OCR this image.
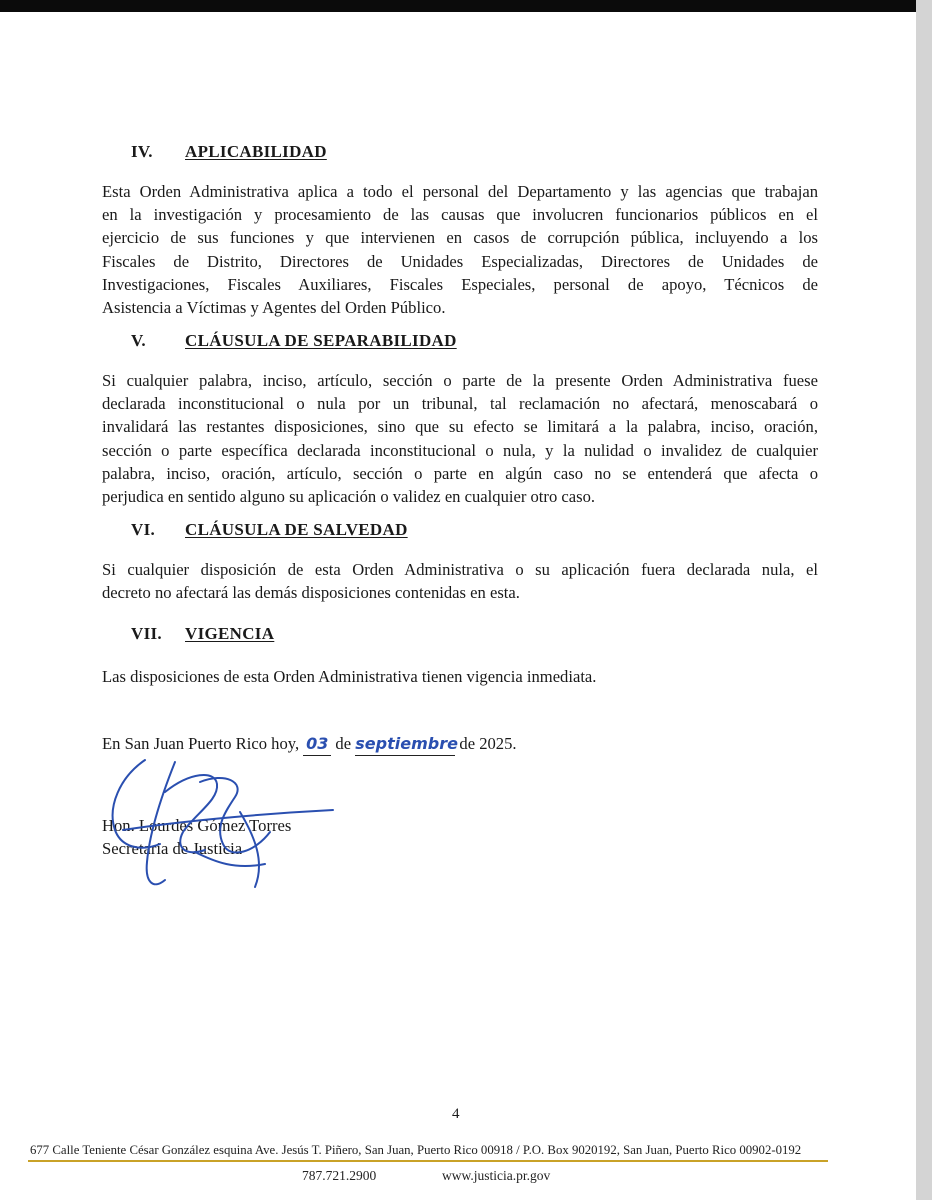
IV. APLICABILIDAD
Esta Orden Administrativa aplica a todo el personal del Departamento y las agencias que trabajan
en la investigación y procesamiento de las causas que involucren funcionarios públicos en el
ejercicio de sus funciones y que intervienen en casos de corrupción pública, incluyendo a los
Fiscales de Distrito, Directores de Unidades Especializadas, Directores de Unidades de
Investigaciones, Fiscales Auxiliares, Fiscales Especiales, personal de apoyo, Técnicos de
Asistencia a Víctimas y Agentes del Orden Público.
V. CLÁUSULA DE SEPARABILIDAD
Si cualquier palabra, inciso, artículo, sección o parte de la presente Orden Administrativa fuese
declarada inconstitucional o nula por un tribunal, tal reclamación no afectará, menoscabará o
invalidará las restantes disposiciones, sino que su efecto se limitará a la palabra, inciso, oración,
sección o parte específica declarada inconstitucional o nula, y la nulidad o invalidez de cualquier
palabra, inciso, oración, artículo, sección o parte en algún caso no se entenderá que afecta o
perjudica en sentido alguno su aplicación o validez en cualquier otro caso.
VI. CLÁUSULA DE SALVEDAD
Si cualquier disposición de esta Orden Administrativa o su aplicación fuera declarada nula, el
decreto no afectará las demás disposiciones contenidas en esta.
VII. VIGENCIA
Las disposiciones de esta Orden Administrativa tienen vigencia inmediata.
En San Juan Puerto Rico hoy, 03 de septiembre de 2025.
Hon. Lourdes Gómez Torres
Secretaria de Justicia
4
677 Calle Teniente César González esquina Ave. Jesús T. Piñero, San Juan, Puerto Rico 00918 / P.O. Box 9020192, San Juan, Puerto Rico 00902-0192
787.721.2900	www.justicia.pr.gov
